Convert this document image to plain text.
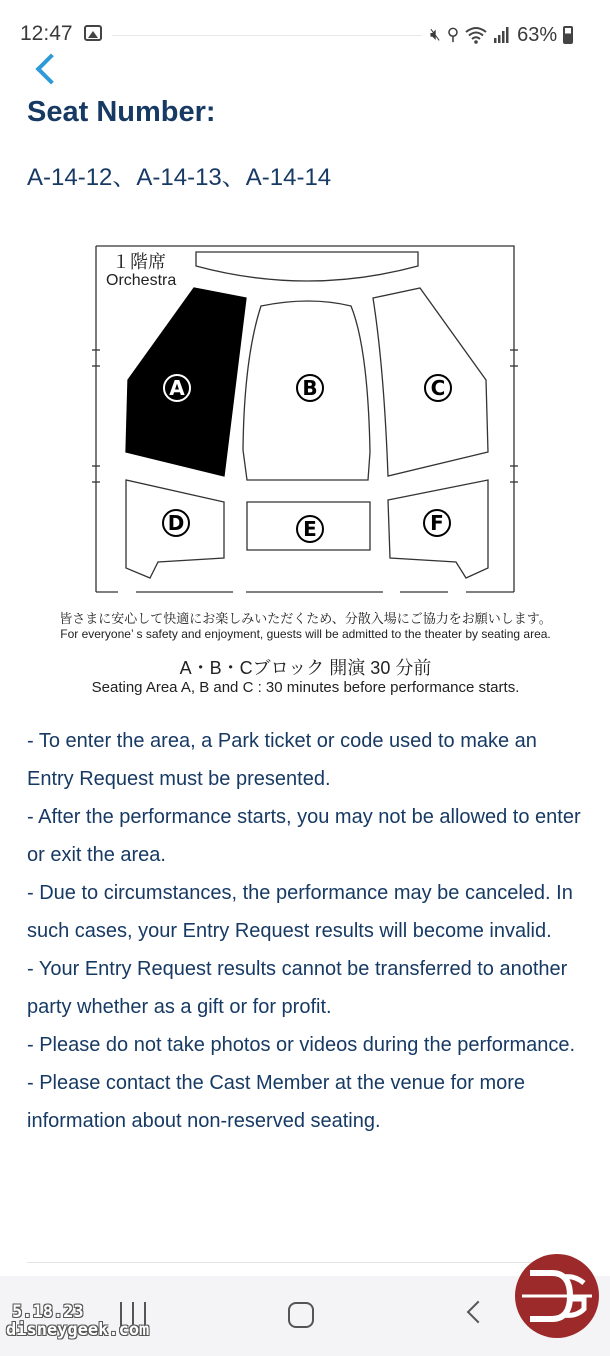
12:47	🔇︎ ⚲	63%
Seat Number:
A-14-12、A-14-13、A-14-14
A	B	C
D	E	F
１階席
Orchestra
皆さまに安心して快適にお楽しみいただくため、分散入場にご協力をお願いします。
For everyone’ s safety and enjoyment, guests will be admitted to the theater by seating area.
A・B・Cブロック 開演 30 分前
Seating Area A, B and C : 30 minutes before performance starts.

- To enter the area, a Park ticket or code used to make an Entry Request must be presented.

- After the performance starts, you may not be allowed to enter or exit the area.

- Due to circumstances, the performance may be canceled. In such cases, your Entry Request results will become invalid.

- Your Entry Request results cannot be transferred to another party whether as a gift or for profit.

- Please do not take photos or videos during the performance.

- Please contact the Cast Member at the venue for more information about non-reserved seating.

5.18.23
disneygeek.com
